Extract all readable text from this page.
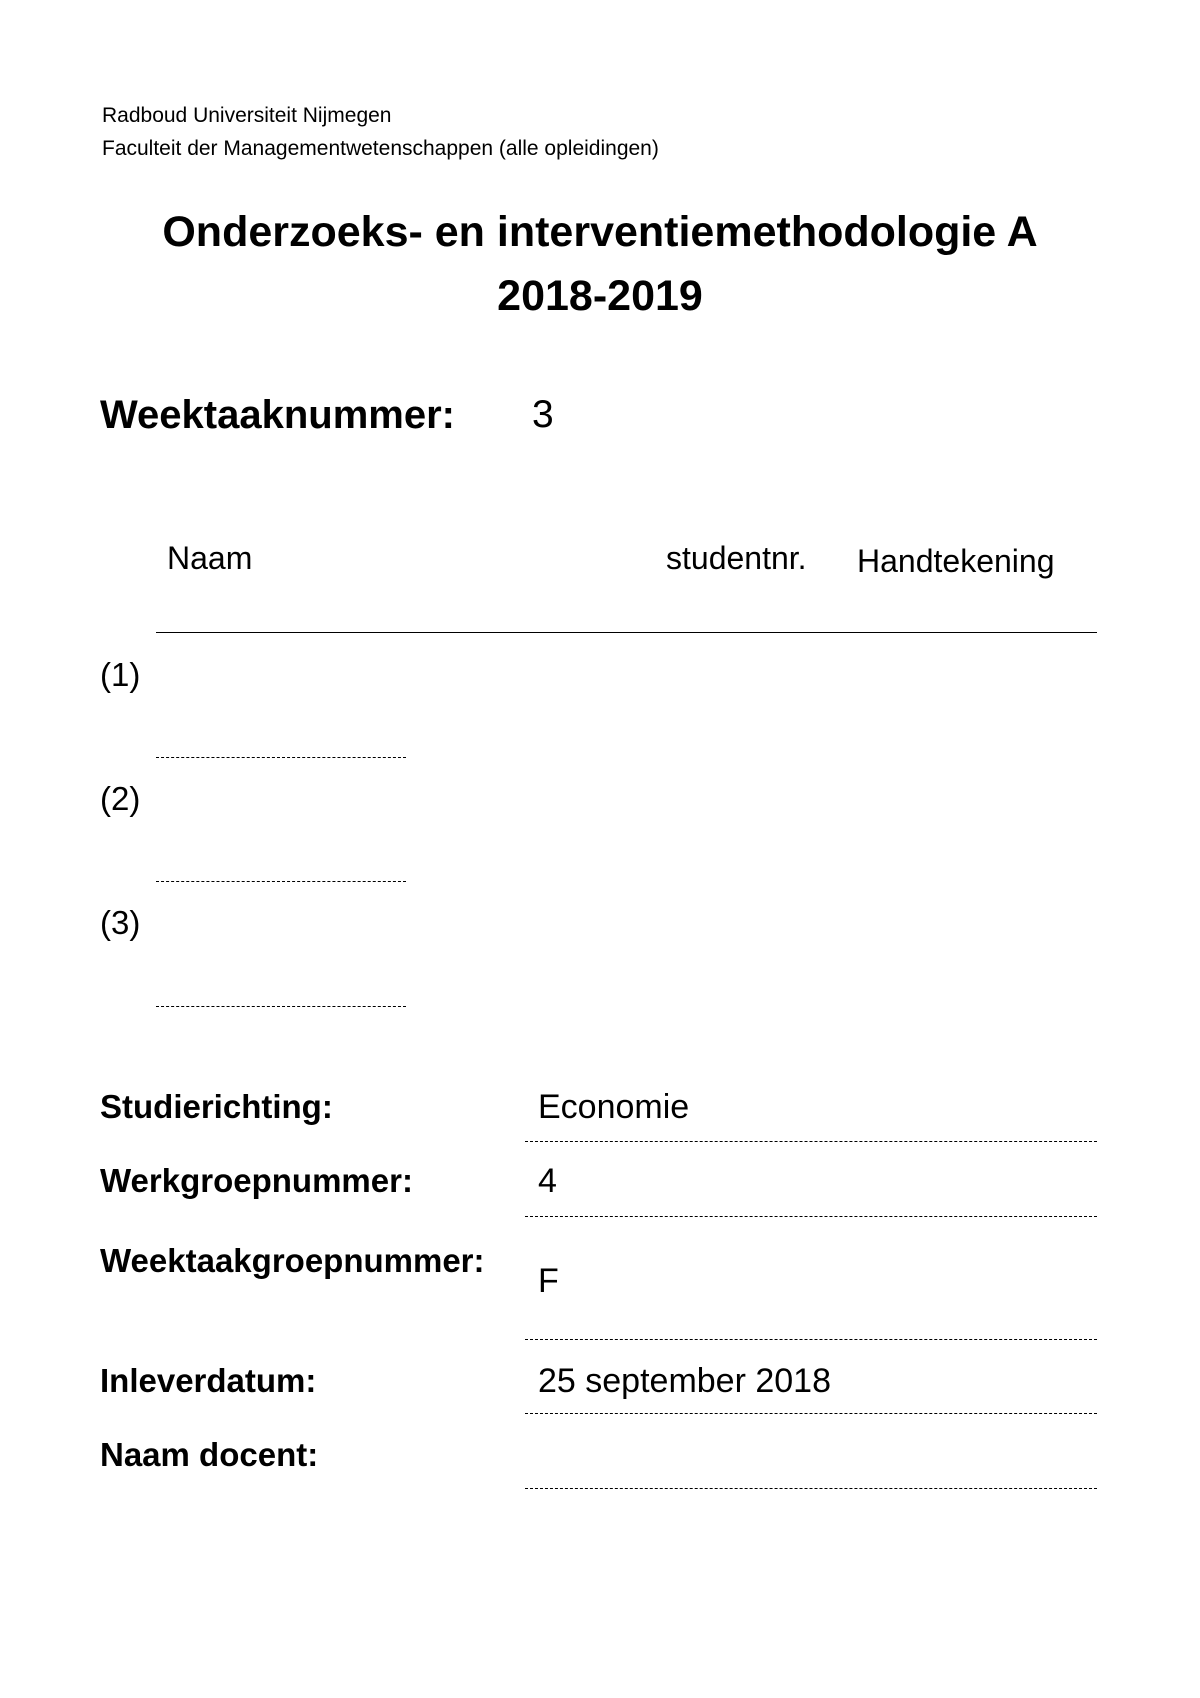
Radboud Universiteit Nijmegen
Faculteit der Managementwetenschappen (alle opleidingen)
Onderzoeks- en interventiemethodologie A
2018-2019
Weektaaknummer: 3
Naam	studentnr. Handtekening
(1)
(2)
(3)
Studierichting:	Economie
Werkgroepnummer:	4
Weektaakgroepnummer:
F
Inleverdatum:	25 september 2018
Naam docent:
